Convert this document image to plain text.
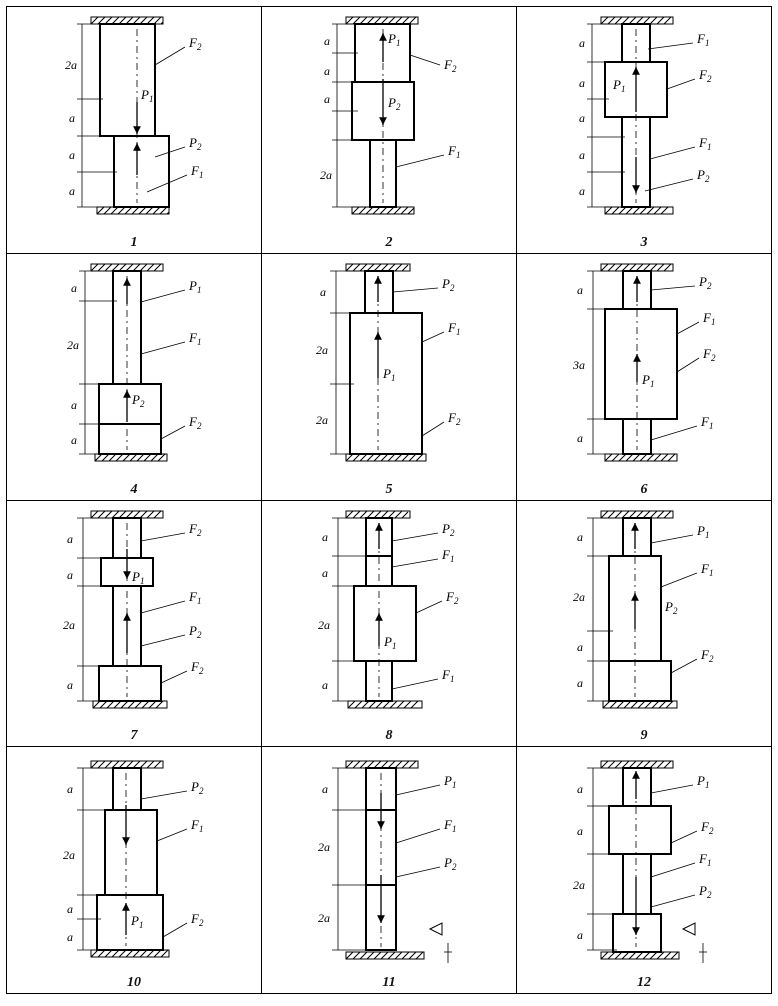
2a
a
a
a
$F_2$
$P_1$
$P_2$
$F_1$
1

a
a
a
2a
$P_1$
$F_2$
$P_2$
$F_1$
2

a
a
a
a
a
$F_1$
$P_1$
$F_2$
$F_1$
$P_2$
3

a
2a
a
a
$P_1$
$F_1$
$P_2$
$F_2$
4

a
2a
2a
$P_2$
$F_1$
$P_1$
$F_2$
5

a
3a
a
$P_2$
$F_1$
$F_2$
$P_1$
$F_1$
6

a
a
2a
a
$F_2$
$P_1$
$F_1$
$P_2$
$F_2$
7

a
a
2a
a
$P_2$
$F_1$
$F_2$
$P_1$
$F_1$
8

a
2a
a
a
$P_1$
$F_1$
$P_2$
$F_2$
9

a
2a
a
a
$P_2$
$F_1$
$P_1$	$F_2$
10

a
2a
2a
$P_1$
$F_1$
$P_2$
11

a
a
2a
a
$P_1$
$F_2$
$F_1$
$P_2$
12
